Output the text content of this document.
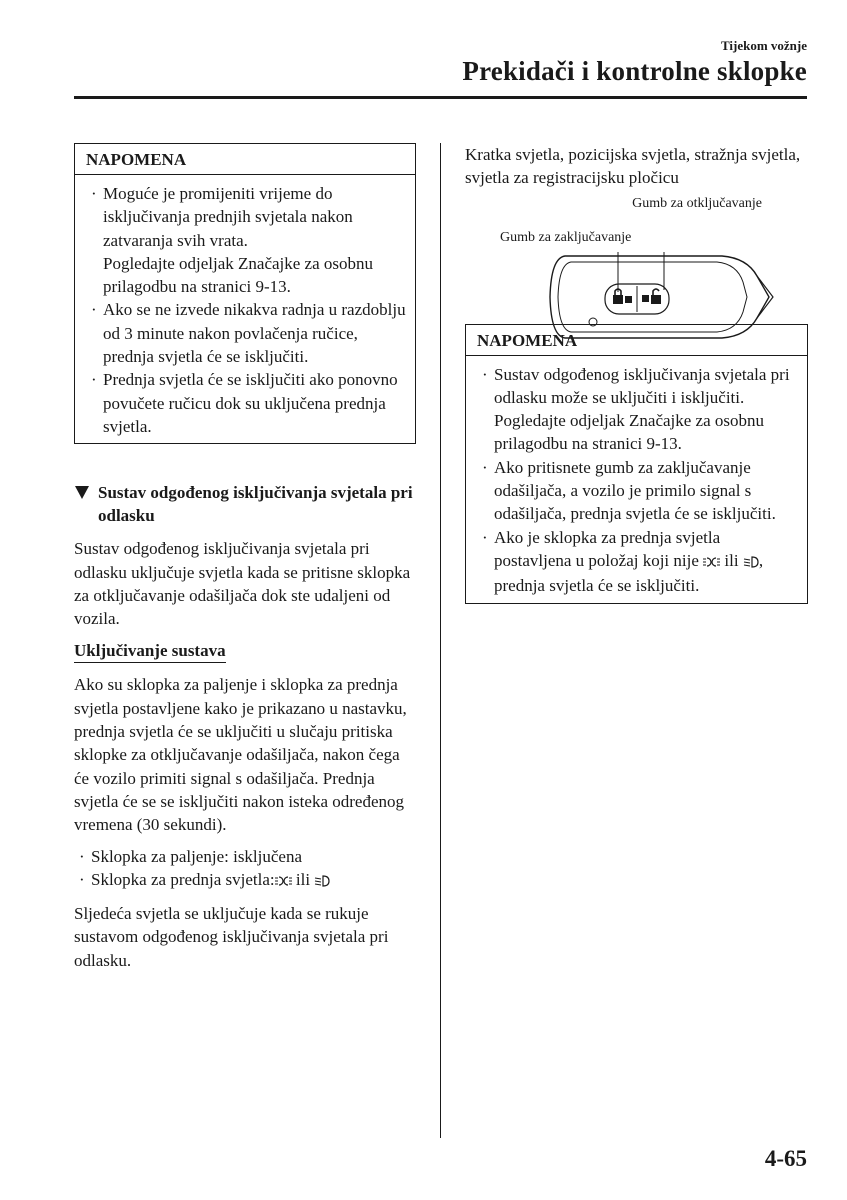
Tijekom vožnje
Prekidači i kontrolne sklopke
NAPOMENA
· Moguće je promijeniti vrijeme do isključivanja prednjih svjetala nakon zatvaranja svih vrata.
Pogledajte odjeljak Značajke za osobnu prilagodbu na stranici 9-13.
· Ako se ne izvede nikakva radnja u razdoblju od 3 minute nakon povlačenja ručice, prednja svjetla će se isključiti.
· Prednja svjetla će se isključiti ako ponovno povučete ručicu dok su uključena prednja svjetla.
Sustav odgođenog isključivanja svjetala pri odlasku

Sustav odgođenog isključivanja svjetala pri odlasku uključuje svjetla kada se pritisne sklopka za otključavanje odašiljača dok ste udaljeni od vozila.

Uključivanje sustava

Ako su sklopka za paljenje i sklopka za prednja svjetla postavljene kako je prikazano u nastavku, prednja svjetla će se uključiti u slučaju pritiska sklopke za otključavanje odašiljača, nakon čega će vozilo primiti signal s odašiljača. Prednja svjetla će se se isključiti nakon isteka određenog vremena (30 sekundi).

· Sklopka za paljenje: isključena
· Sklopka za prednja svjetla: ili

Sljedeća svjetla se uključuje kada se rukuje sustavom odgođenog isključivanja svjetala pri odlasku.

Kratka svjetla, pozicijska svjetla, stražnja svjetla, svjetla za registracijsku pločicu

Gumb za otključavanje
Gumb za zaključavanje
NAPOMENA
· Sustav odgođenog isključivanja svjetala pri odlasku može se uključiti i isključiti.
Pogledajte odjeljak Značajke za osobnu prilagodbu na stranici 9-13.
· Ako pritisnete gumb za zaključavanje odašiljača, a vozilo je primilo signal s odašiljača, prednja svjetla će se isključiti.
· Ako je sklopka za prednja svjetla postavljena u položaj koji nije ili , prednja svjetla će se isključiti.
4-65
